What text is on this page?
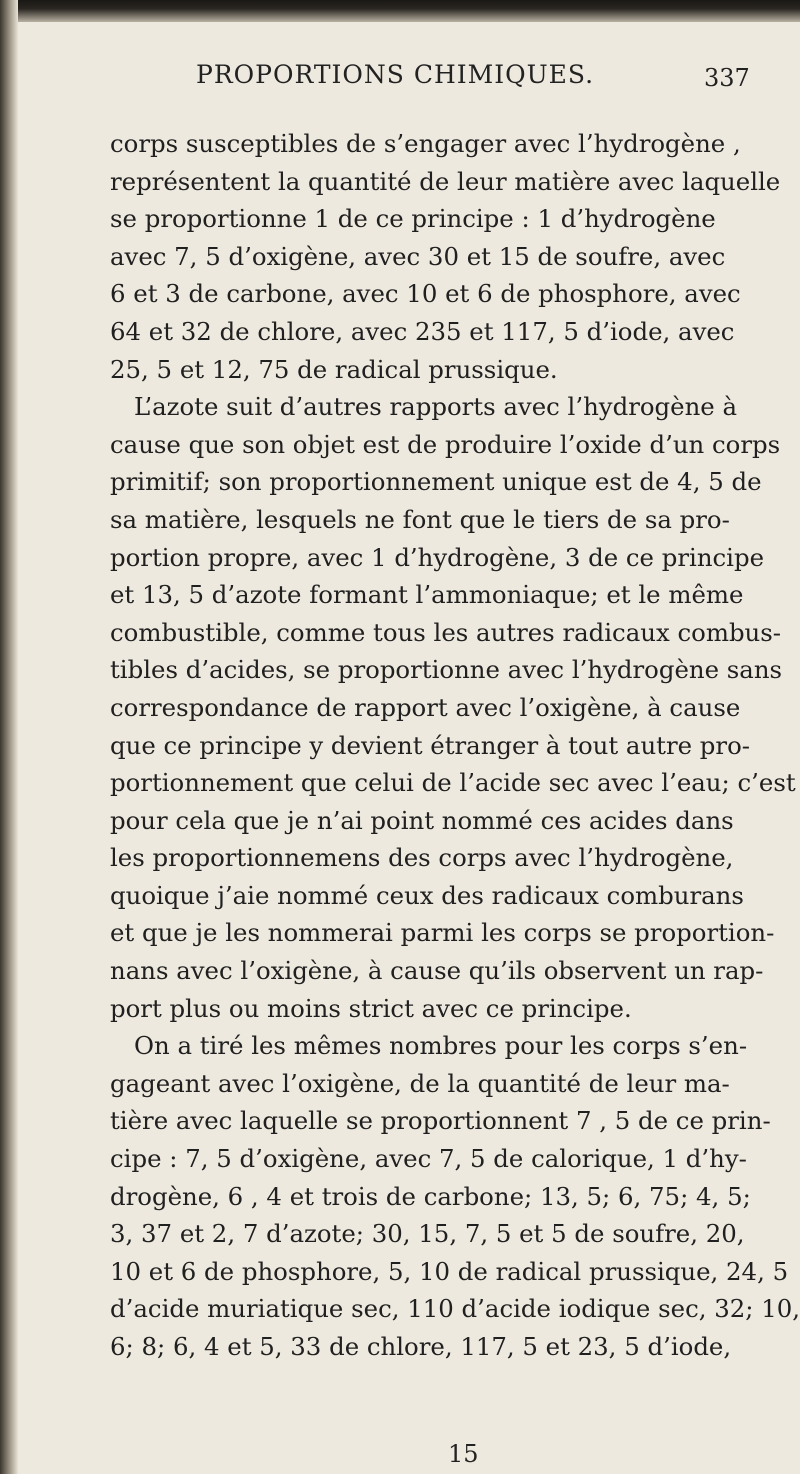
PROPORTIONS CHIMIQUES.	337
corps susceptibles de s’engager avec l’hydrogène ,
représentent la quantité de leur matière avec laquelle
se proportionne 1 de ce principe : 1 d’hydrogène
avec 7, 5 d’oxigène, avec 30 et 15 de soufre, avec
6 et 3 de carbone, avec 10 et 6 de phosphore, avec
64 et 32 de chlore, avec 235 et 117, 5 d’iode, avec
25, 5 et 12, 75 de radical prussique.
L’azote suit d’autres rapports avec l’hydrogène à
cause que son objet est de produire l’oxide d’un corps
primitif; son proportionnement unique est de 4, 5 de
sa matière, lesquels ne font que le tiers de sa pro-
portion propre, avec 1 d’hydrogène, 3 de ce principe
et 13, 5 d’azote formant l’ammoniaque; et le même
combustible, comme tous les autres radicaux combus-
tibles d’acides, se proportionne avec l’hydrogène sans
correspondance de rapport avec l’oxigène, à cause
que ce principe y devient étranger à tout autre pro-
portionnement que celui de l’acide sec avec l’eau; c’est
pour cela que je n’ai point nommé ces acides dans
les proportionnemens des corps avec l’hydrogène,
quoique j’aie nommé ceux des radicaux comburans
et que je les nommerai parmi les corps se proportion-
nans avec l’oxigène, à cause qu’ils observent un rap-
port plus ou moins strict avec ce principe.
On a tiré les mêmes nombres pour les corps s’en-
gageant avec l’oxigène, de la quantité de leur ma-
tière avec laquelle se proportionnent 7 , 5 de ce prin-
cipe : 7, 5 d’oxigène, avec 7, 5 de calorique, 1 d’hy-
drogène, 6 , 4 et trois de carbone; 13, 5; 6, 75; 4, 5;
3, 37 et 2, 7 d’azote; 30, 15, 7, 5 et 5 de soufre, 20,
10 et 6 de phosphore, 5, 10 de radical prussique, 24, 5
d’acide muriatique sec, 110 d’acide iodique sec, 32; 10,
6; 8; 6, 4 et 5, 33 de chlore, 117, 5 et 23, 5 d’iode,
15
